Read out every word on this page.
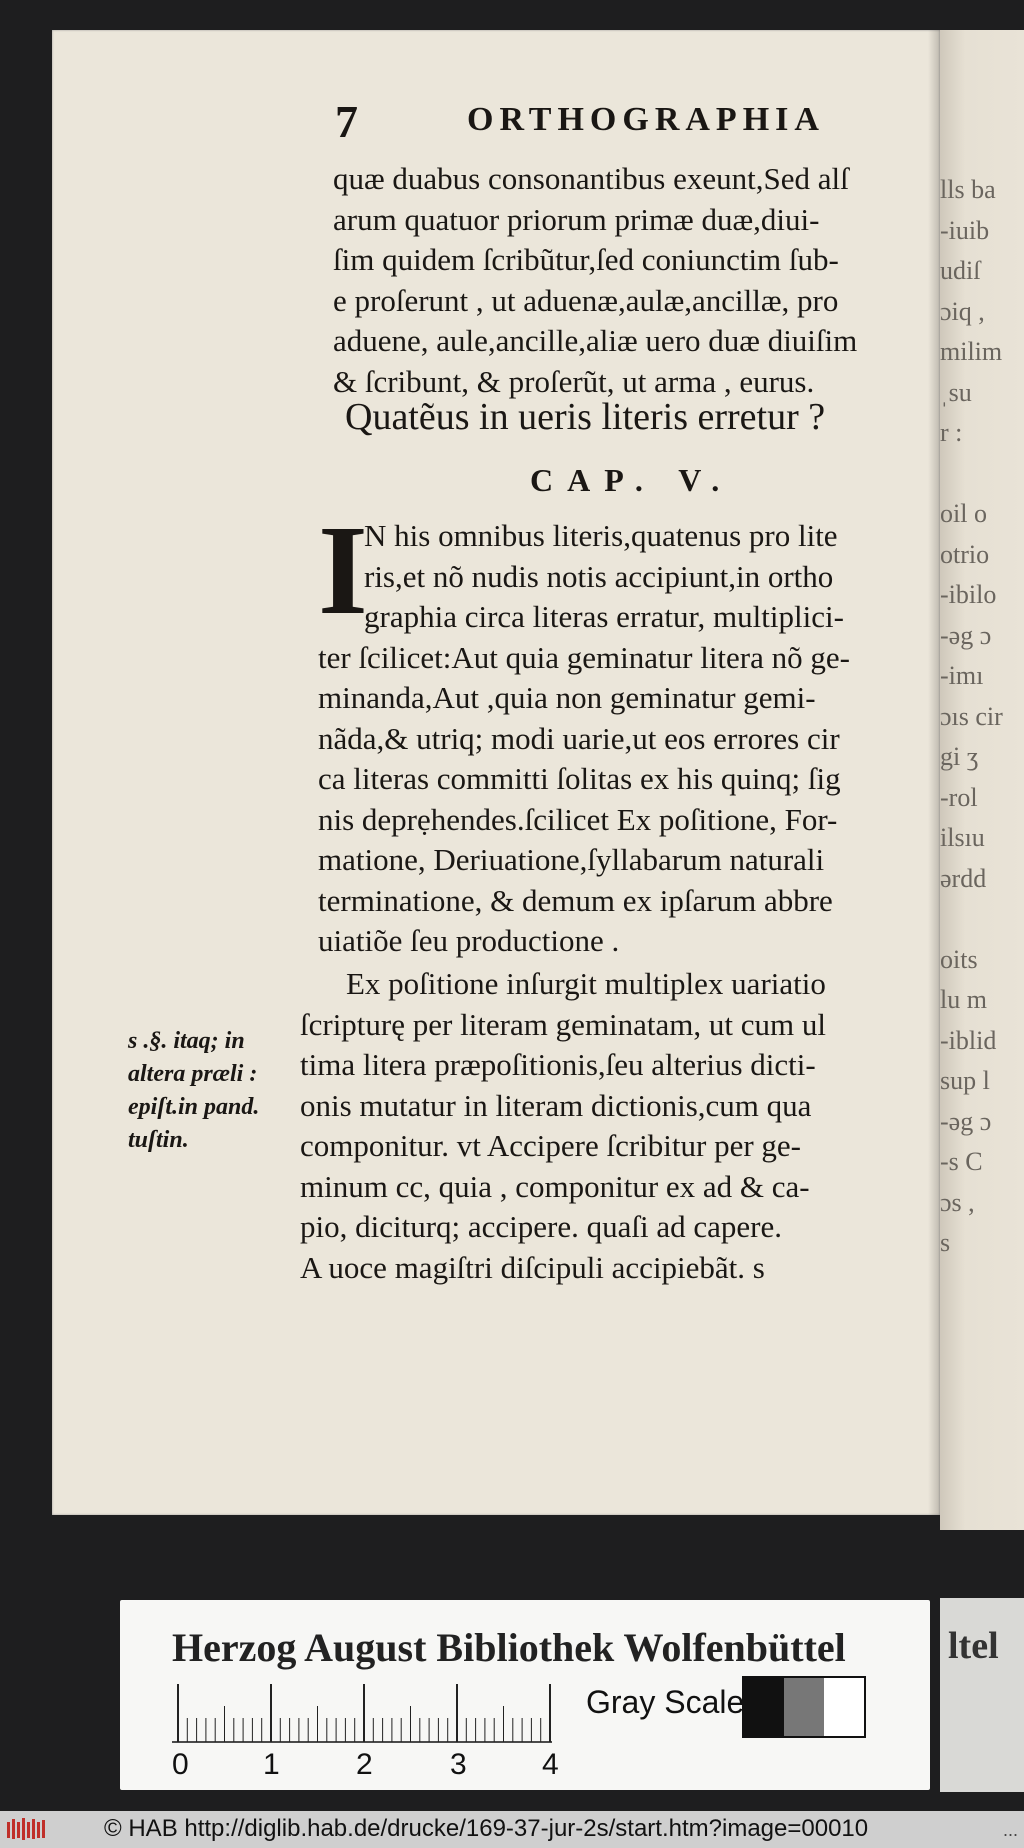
lls ba
-iuib
udiſ
ɔiq ,
milim
ˌsu
r :
oil o
otrio
-ibilo
-əg ɔ
-imı
ɔıs cir
gi ʒ
-rol
ilsıu
ərdd
oits
lu m
-iblid
sup l
-əg ɔ
-s C
ɔs ,
s
7	ORTHOGRAPHIA
quæ duabus consonantibus exeunt,Sed alſ
arum quatuor priorum primæ duæ,diui-
ſim quidem ſcribũtur,ſed coniunctim ſub-
e proſerunt , ut aduenæ,aulæ,ancillæ, pro
aduene, aule,ancille,aliæ uero duæ diuiſim
& ſcribunt, & proſerũt, ut arma , eurus.
Quatẽus in ueris literis erretur ?
CAP. V.
I
N his omnibus literis,quatenus pro lite
ris,et nõ nudis notis accipiunt,in ortho
graphia circa literas erratur, multiplici-
ter ſcilicet:Aut quia geminatur litera nõ ge-
minanda,Aut ,quia non geminatur gemi-
nãda,& utriq; modi uarie,ut eos errores cir
ca literas committi ſolitas ex his quinq; ſig
nis deprẹhendes.ſcilicet Ex poſitione, For-
matione, Deriuatione,ſyllabarum naturali
terminatione, & demum ex ipſarum abbre
uiatiõe ſeu productione .
Ex poſitione inſurgit multiplex uariatio
ſcripturę per literam geminatam, ut cum ul
tima litera præpoſitionis,ſeu alterius dicti-
onis mutatur in literam dictionis,cum qua
componitur. vt Accipere ſcribitur per ge-
minum cc, quia , componitur ex ad & ca-
pio, diciturq; accipere. quaſi ad capere.
A uoce magiſtri diſcipuli accipiebãt. s
s .§. itaq; in
altera præli :
epiſt.in pand.
tuſtin.
ltel
Herzog August Bibliothek Wolfenbüttel
0 1	2	3	4
Gray Scale
© HAB http://diglib.hab.de/drucke/169-37-jur-2s/start.htm?image=00010	...
